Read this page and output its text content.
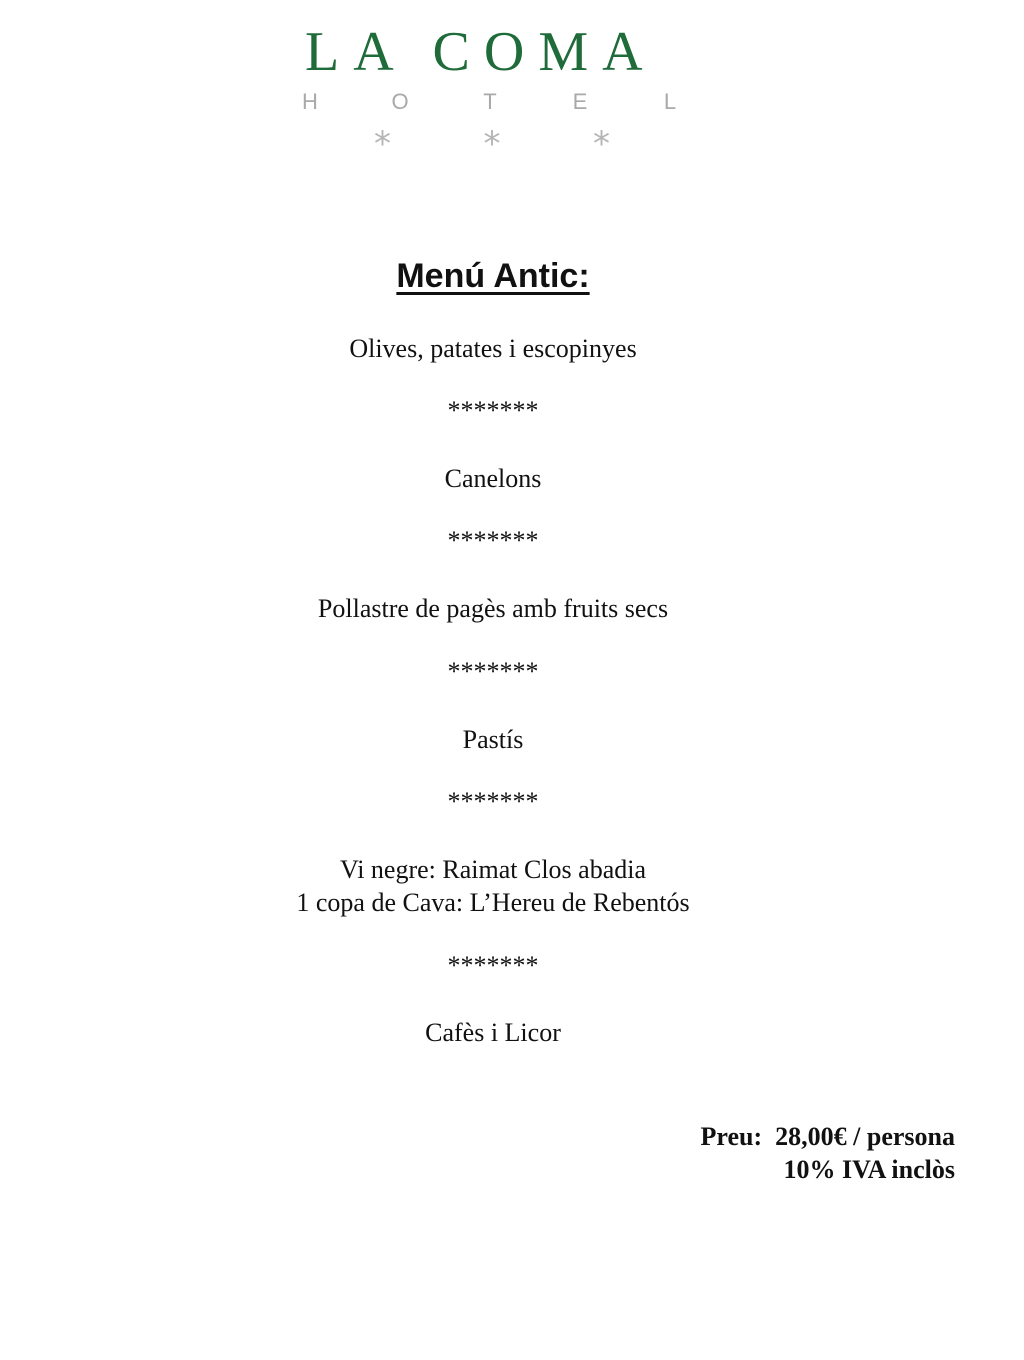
LA COMA
H	O	T	E	L
*	*	*
Menú Antic:
Olives, patates i escopinyes
*******
Canelons
*******
Pollastre de pagès amb fruits secs
*******
Pastís
*******
Vi negre: Raimat Clos abadia
1 copa de Cava: L’Hereu de Rebentós
*******
Cafès i Licor
Preu:  28,00€ / persona
10% IVA inclòs
